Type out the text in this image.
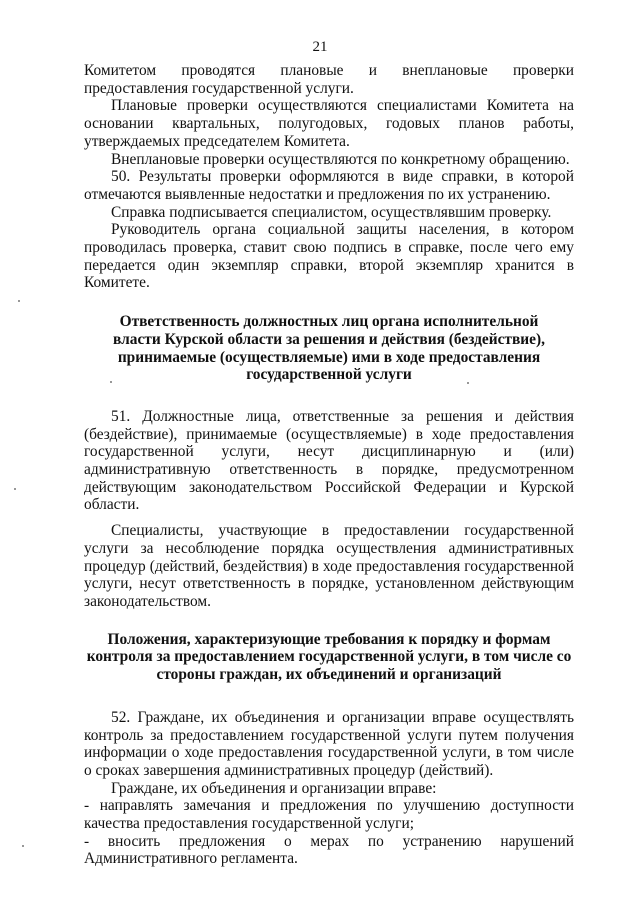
21

Комитетом проводятся плановые и внеплановые проверки предоставления государственной услуги.

Плановые проверки осуществляются специалистами Комитета на основании квартальных, полугодовых, годовых планов работы, утверждаемых председателем Комитета.

Внеплановые проверки осуществляются по конкретному обращению.

50. Результаты проверки оформляются в виде справки, в которой отмечаются выявленные недостатки и предложения по их устранению.

Справка подписывается специалистом, осуществлявшим проверку.

Руководитель органа социальной защиты населения, в котором проводилась проверка, ставит свою подпись в справке, после чего ему передается один экземпляр справки, второй экземпляр хранится в Комитете.

Ответственность должностных лиц органа исполнительной власти Курской области за решения и действия (бездействие), принимаемые (осуществляемые) ими в ходе предоставления государственной услуги

51. Должностные лица, ответственные за решения и действия (бездействие), принимаемые (осуществляемые) в ходе предоставления государственной услуги, несут дисциплинарную и (или) административную ответственность в порядке, предусмотренном действующим законодательством Российской Федерации и Курской области.

Специалисты, участвующие в предоставлении государственной услуги за несоблюдение порядка осуществления административных процедур (действий, бездействия) в ходе предоставления государственной услуги, несут ответственность в порядке, установленном действующим законодательством.

Положения, характеризующие требования к порядку и формам контроля за предоставлением государственной услуги, в том числе со стороны граждан, их объединений и организаций

52. Граждане, их объединения и организации вправе осуществлять контроль за предоставлением государственной услуги путем получения информации о ходе предоставления государственной услуги, в том числе о сроках завершения административных процедур (действий).

Граждане, их объединения и организации вправе:

- направлять замечания и предложения по улучшению доступности качества предоставления государственной услуги;

- вносить предложения о мерах по устранению нарушений Административного регламента.
